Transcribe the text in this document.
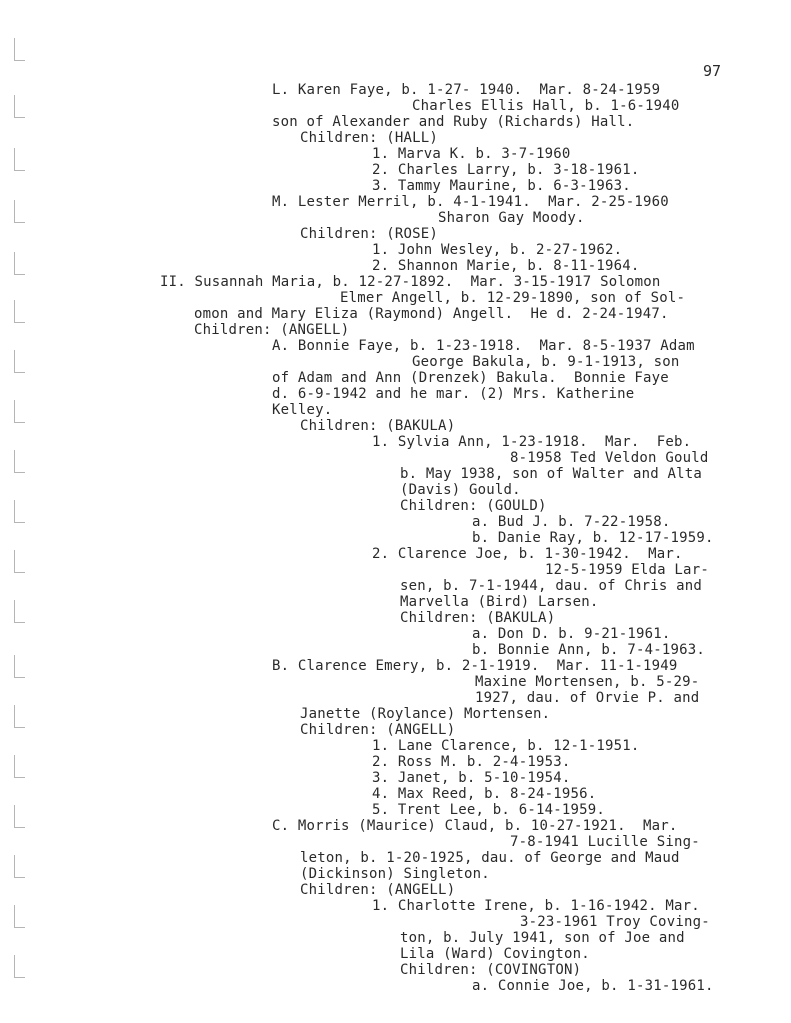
97
L. Karen Faye, b. 1-27- 1940.  Mar. 8-24-1959
Charles Ellis Hall, b. 1-6-1940
son of Alexander and Ruby (Richards) Hall.
Children: (HALL)
1. Marva K. b. 3-7-1960
2. Charles Larry, b. 3-18-1961.
3. Tammy Maurine, b. 6-3-1963.
M. Lester Merril, b. 4-1-1941.  Mar. 2-25-1960
Sharon Gay Moody.
Children: (ROSE)
1. John Wesley, b. 2-27-1962.
2. Shannon Marie, b. 8-11-1964.
II. Susannah Maria, b. 12-27-1892.  Mar. 3-15-1917 Solomon
Elmer Angell, b. 12-29-1890, son of Sol-
omon and Mary Eliza (Raymond) Angell.  He d. 2-24-1947.
Children: (ANGELL)
A. Bonnie Faye, b. 1-23-1918.  Mar. 8-5-1937 Adam
George Bakula, b. 9-1-1913, son
of Adam and Ann (Drenzek) Bakula.  Bonnie Faye
d. 6-9-1942 and he mar. (2) Mrs. Katherine
Kelley.
Children: (BAKULA)
1. Sylvia Ann, 1-23-1918.  Mar.  Feb.
8-1958 Ted Veldon Gould
b. May 1938, son of Walter and Alta
(Davis) Gould.
Children: (GOULD)
a. Bud J. b. 7-22-1958.
b. Danie Ray, b. 12-17-1959.
2. Clarence Joe, b. 1-30-1942.  Mar.
12-5-1959 Elda Lar-
sen, b. 7-1-1944, dau. of Chris and
Marvella (Bird) Larsen.
Children: (BAKULA)
a. Don D. b. 9-21-1961.
b. Bonnie Ann, b. 7-4-1963.
B. Clarence Emery, b. 2-1-1919.  Mar. 11-1-1949
Maxine Mortensen, b. 5-29-
1927, dau. of Orvie P. and
Janette (Roylance) Mortensen.
Children: (ANGELL)
1. Lane Clarence, b. 12-1-1951.
2. Ross M. b. 2-4-1953.
3. Janet, b. 5-10-1954.
4. Max Reed, b. 8-24-1956.
5. Trent Lee, b. 6-14-1959.
C. Morris (Maurice) Claud, b. 10-27-1921.  Mar.
7-8-1941 Lucille Sing-
leton, b. 1-20-1925, dau. of George and Maud
(Dickinson) Singleton.
Children: (ANGELL)
1. Charlotte Irene, b. 1-16-1942. Mar.
3-23-1961 Troy Coving-
ton, b. July 1941, son of Joe and
Lila (Ward) Covington.
Children: (COVINGTON)
a. Connie Joe, b. 1-31-1961.
